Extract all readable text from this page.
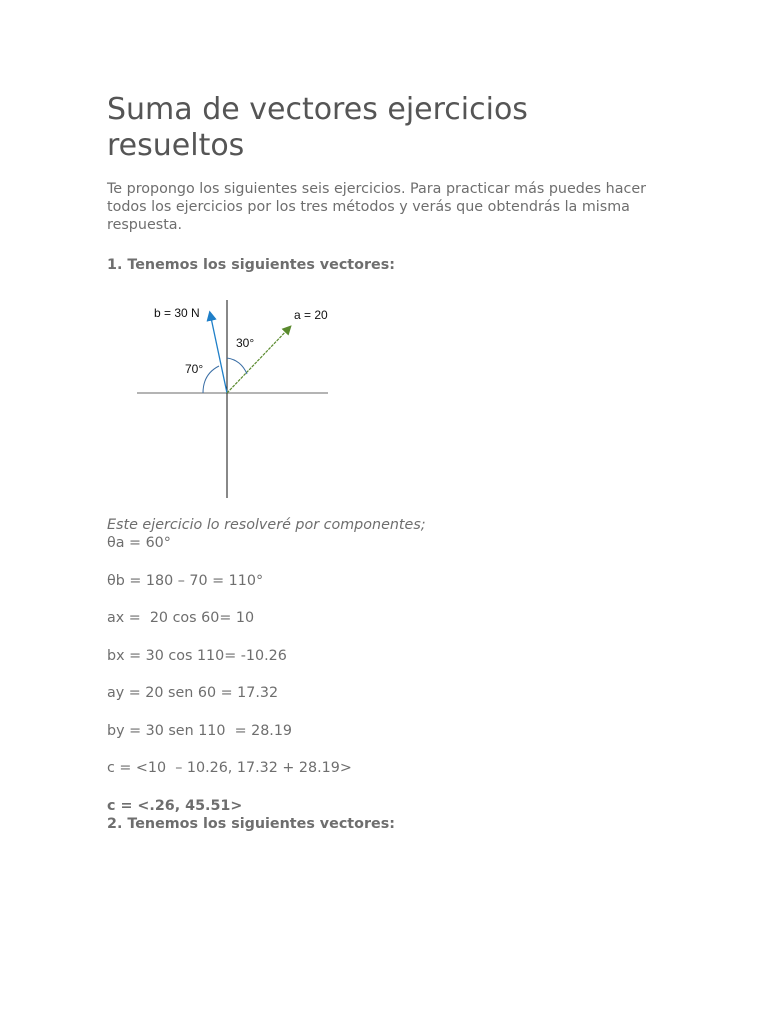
Suma de vectores ejercicios resueltos

Te propongo los siguientes seis ejercicios. Para practicar más puedes hacer todos los ejercicios por los tres métodos y verás que obtendrás la misma respuesta.

1. Tenemos los siguientes vectores:

b = 30 N	a = 20
30°
70°

Este ejercicio lo resolveré por componentes;

θa = 60°

θb = 180 – 70 = 110°

ax =  20 cos 60= 10

bx = 30 cos 110= -10.26

ay = 20 sen 60 = 17.32

by = 30 sen 110  = 28.19

c = <10  – 10.26, 17.32 + 28.19>

c = <.26, 45.51>

2. Tenemos los siguientes vectores:
